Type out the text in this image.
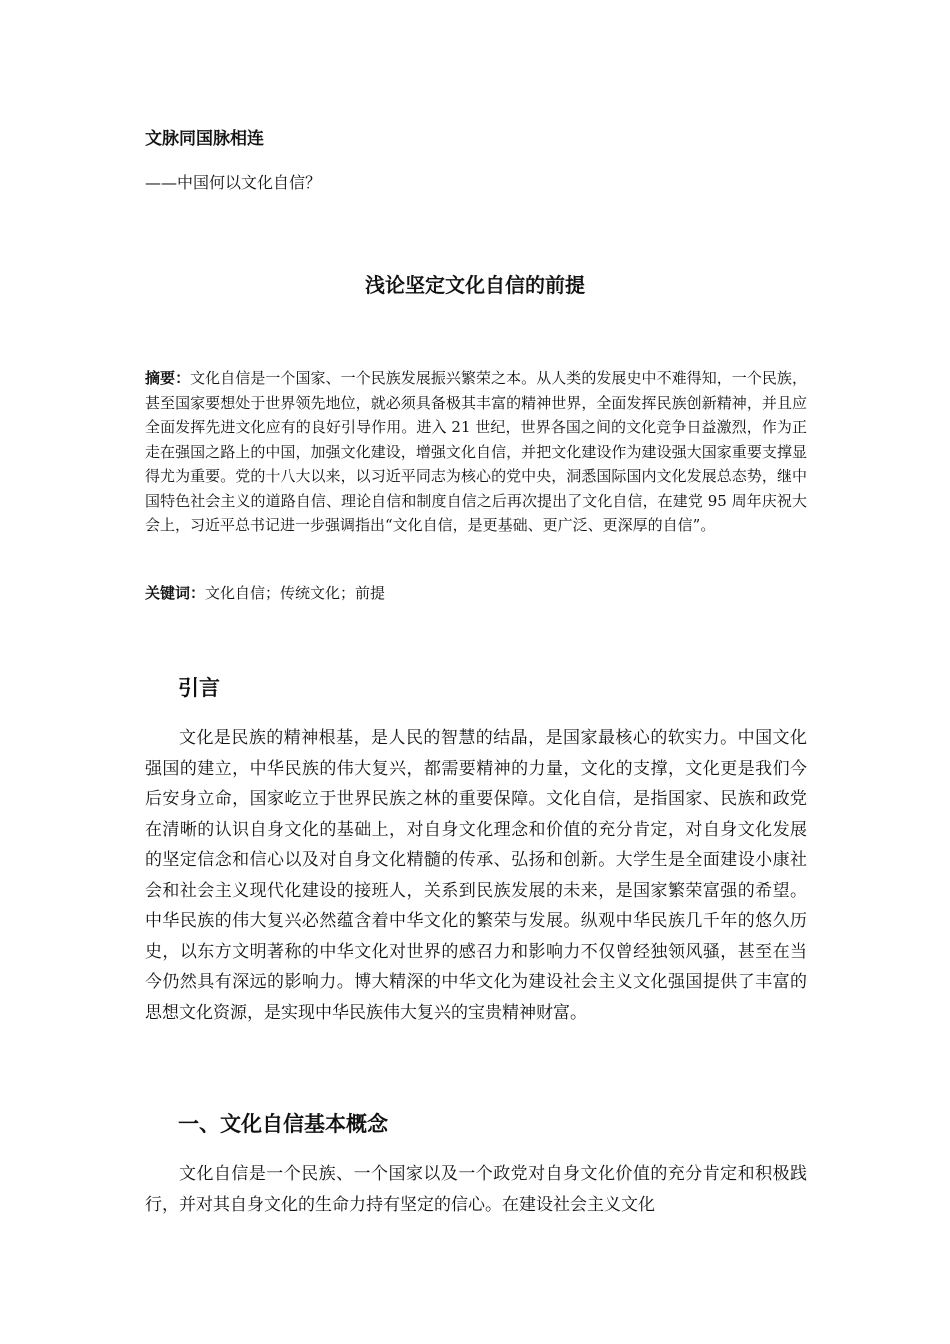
文脉同国脉相连

——中国何以文化自信？

浅论坚定文化自信的前提

摘要：文化自信是一个国家、一个民族发展振兴繁荣之本。从人类的发展史中不难得知，一个民族，甚至国家要想处于世界领先地位，就必须具备极其丰富的精神世界，全面发挥民族创新精神，并且应全面发挥先进文化应有的良好引导作用。进入 21 世纪，世界各国之间的文化竞争日益激烈，作为正走在强国之路上的中国，加强文化建设，增强文化自信，并把文化建设作为建设强大国家重要支撑显得尤为重要。党的十八大以来，以习近平同志为核心的党中央，洞悉国际国内文化发展总态势，继中国特色社会主义的道路自信、理论自信和制度自信之后再次提出了文化自信，在建党 95 周年庆祝大会上，习近平总书记进一步强调指出“文化自信，是更基础、更广泛、更深厚的自信”。

关键词：文化自信；传统文化；前提

引言

文化是民族的精神根基，是人民的智慧的结晶，是国家最核心的软实力。中国文化强国的建立，中华民族的伟大复兴，都需要精神的力量，文化的支撑，文化更是我们今后安身立命，国家屹立于世界民族之林的重要保障。文化自信，是指国家、民族和政党在清晰的认识自身文化的基础上，对自身文化理念和价值的充分肯定，对自身文化发展的坚定信念和信心以及对自身文化精髓的传承、弘扬和创新。大学生是全面建设小康社会和社会主义现代化建设的接班人，关系到民族发展的未来，是国家繁荣富强的希望。中华民族的伟大复兴必然蕴含着中华文化的繁荣与发展。纵观中华民族几千年的悠久历史，以东方文明著称的中华文化对世界的感召力和影响力不仅曾经独领风骚，甚至在当今仍然具有深远的影响力。博大精深的中华文化为建设社会主义文化强国提供了丰富的思想文化资源，是实现中华民族伟大复兴的宝贵精神财富。

一、文化自信基本概念

文化自信是一个民族、一个国家以及一个政党对自身文化价值的充分肯定和积极践行，并对其自身文化的生命力持有坚定的信心。在建设社会主义文化
